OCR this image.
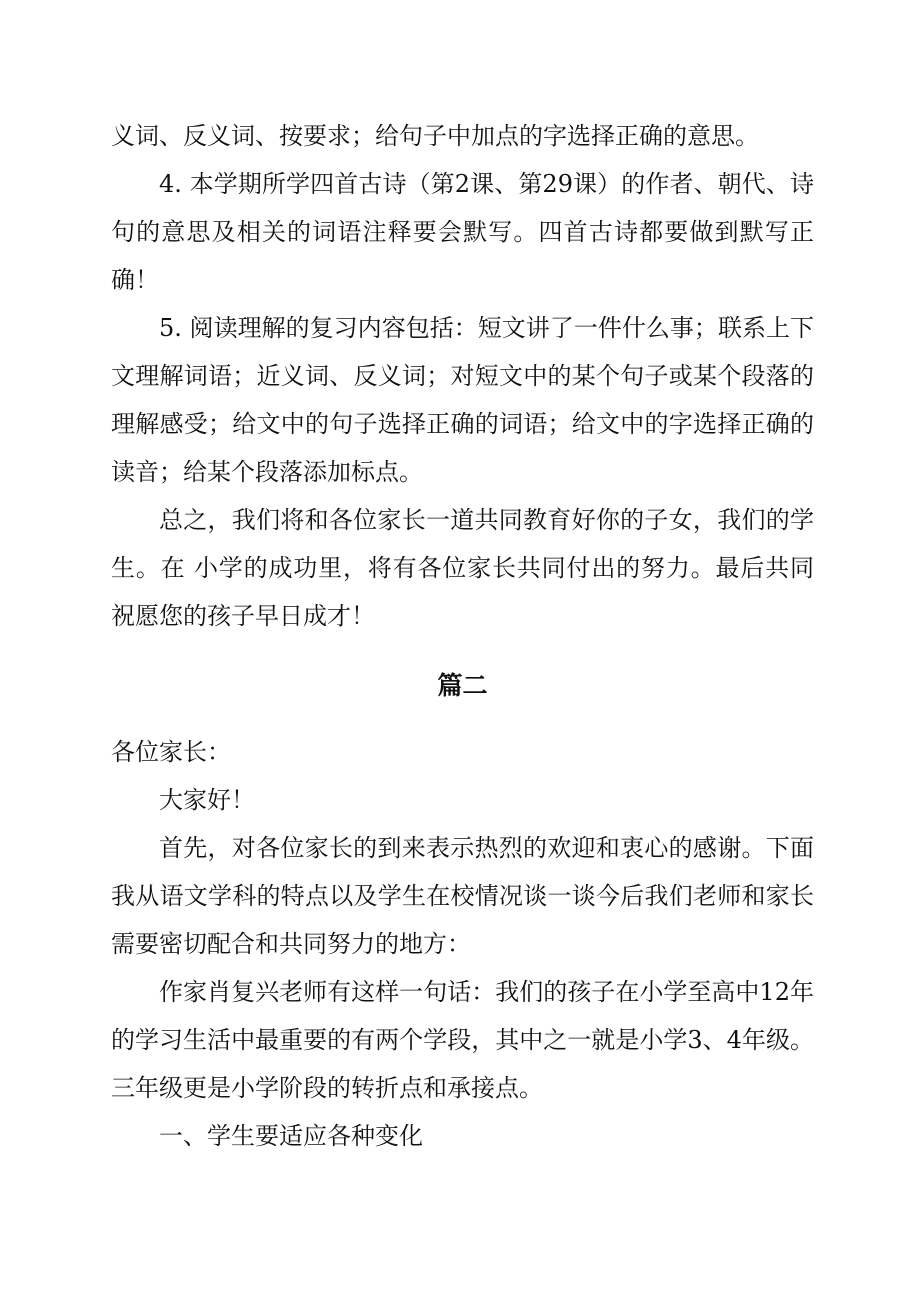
义词、反义词、按要求；给句子中加点的字选择正确的意思。

4. 本学期所学四首古诗（第2课、第29课）的作者、朝代、诗句的意思及相关的词语注释要会默写。四首古诗都要做到默写正确！

5. 阅读理解的复习内容包括：短文讲了一件什么事；联系上下文理解词语；近义词、反义词；对短文中的某个句子或某个段落的理解感受；给文中的句子选择正确的词语；给文中的字选择正确的读音；给某个段落添加标点。

总之，我们将和各位家长一道共同教育好你的子女，我们的学生。在 小学的成功里，将有各位家长共同付出的努力。最后共同祝愿您的孩子早日成才！

篇二

各位家长：

大家好！

首先，对各位家长的到来表示热烈的欢迎和衷心的感谢。下面我从语文学科的特点以及学生在校情况谈一谈今后我们老师和家长需要密切配合和共同努力的地方：

作家肖复兴老师有这样一句话：我们的孩子在小学至高中12年的学习生活中最重要的有两个学段，其中之一就是小学3、4年级。三年级更是小学阶段的转折点和承接点。

一、学生要适应各种变化
